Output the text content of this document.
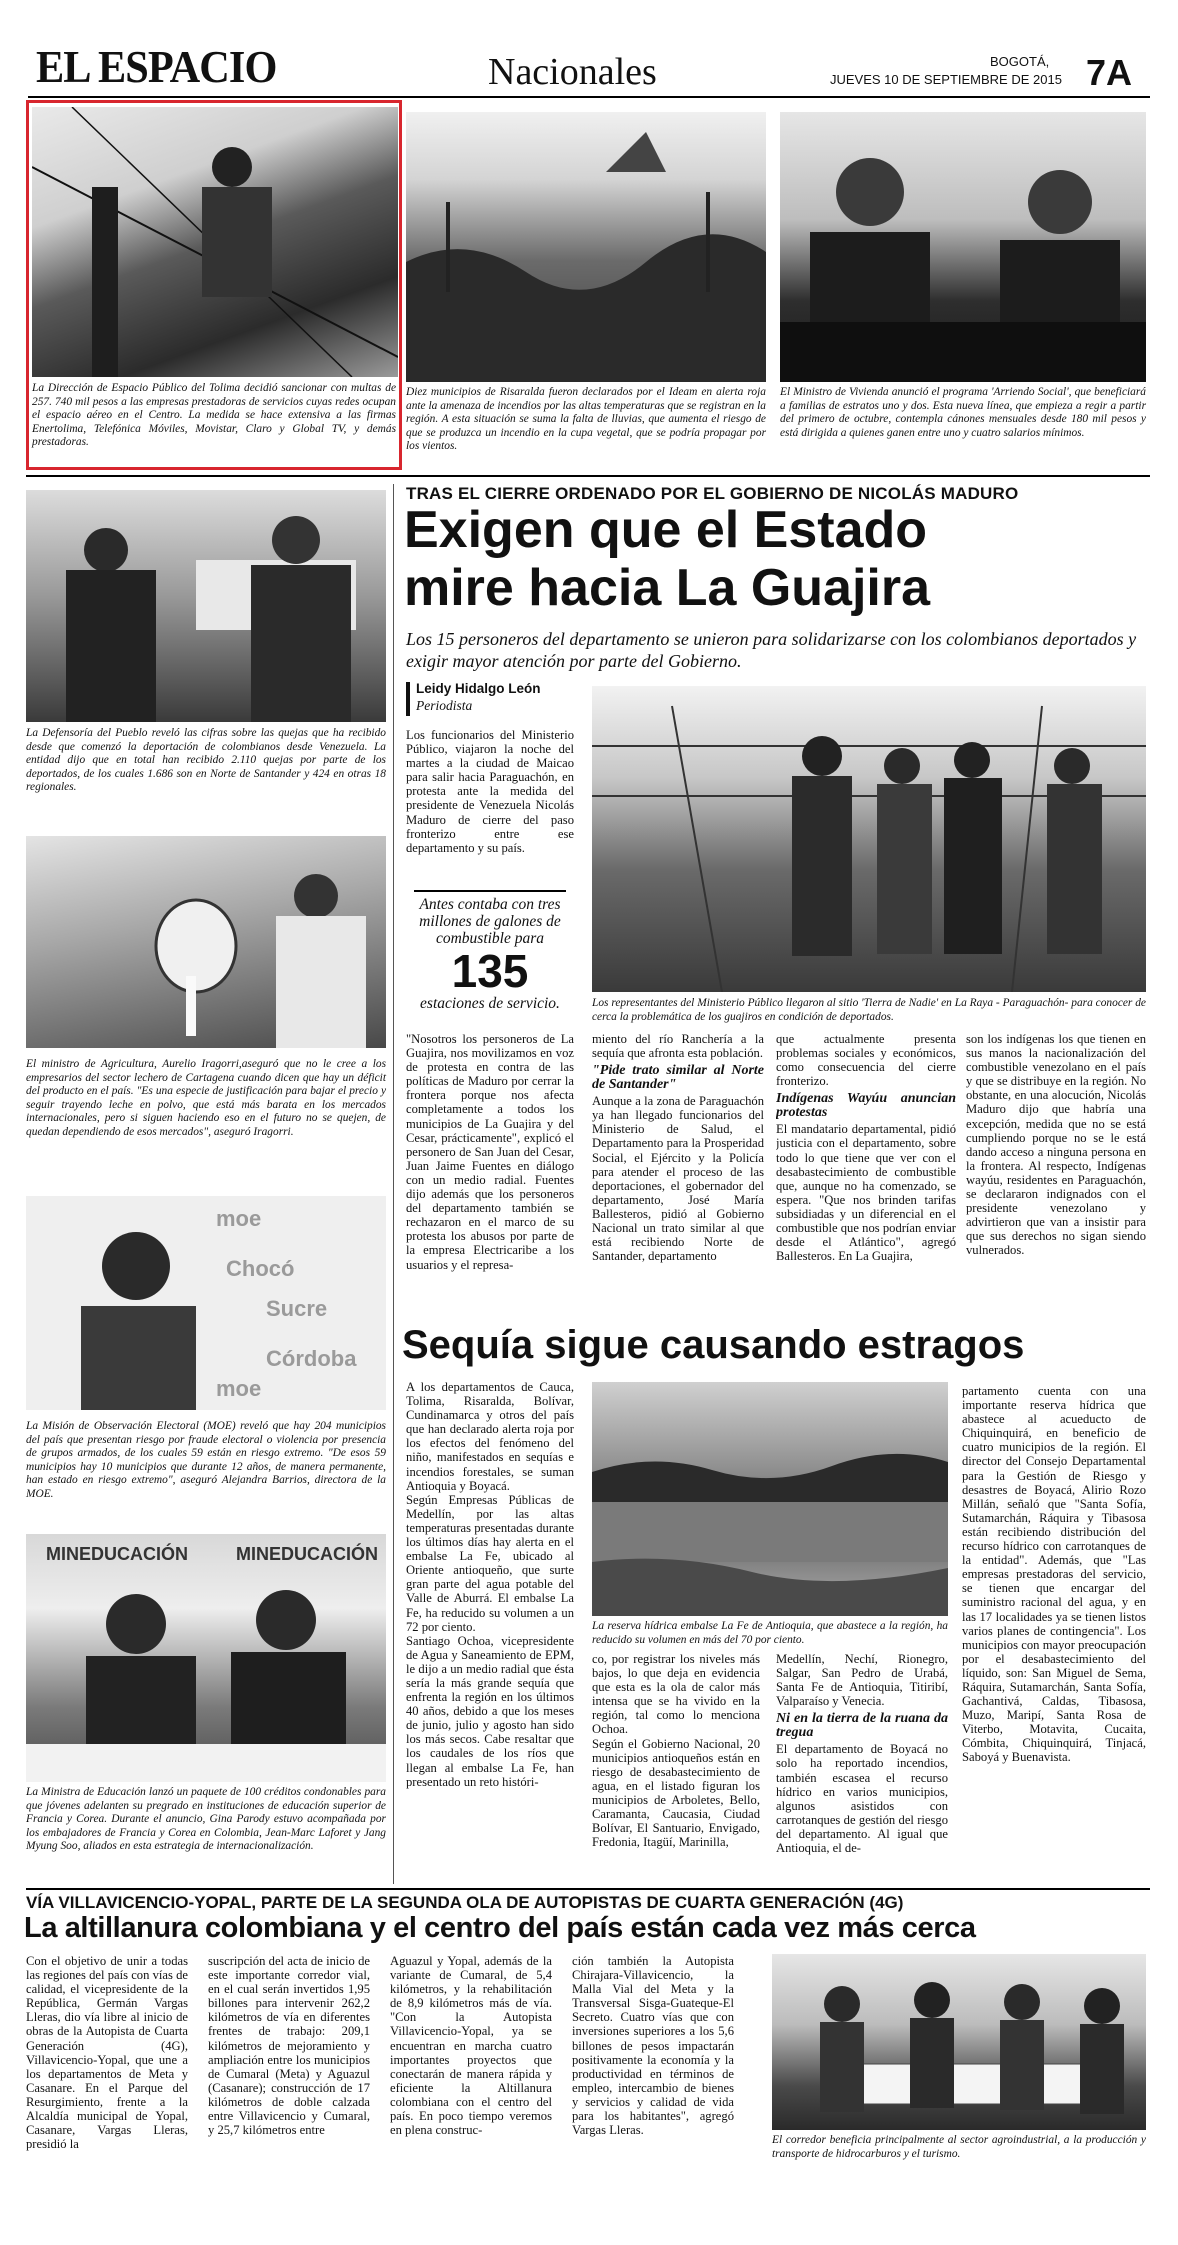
EL ESPACIO	Nacionales	BOGOTÁ,
JUEVES 10 DE SEPTIEMBRE DE 2015 7A
La Dirección de Espacio Público del Tolima decidió sancionar con multas de 257. 740 mil pesos a las empresas prestadoras de servicios cuyas redes ocupan el espacio aéreo en el Centro. La medida se hace extensiva a las firmas Enertolima, Telefónica Móviles, Movistar, Claro y Global TV, y demás prestadoras.
Diez municipios de Risaralda fueron declarados por el Ideam en alerta roja ante la amenaza de incendios por las altas temperaturas que se registran en la región. A esta situación se suma la falta de lluvias, que aumenta el riesgo de que se produzca un incendio en la cupa vegetal, que se podría propagar por los vientos.
El Ministro de Vivienda anunció el programa 'Arriendo Social', que beneficiará a familias de estratos uno y dos. Esta nueva línea, que empieza a regir a partir del primero de octubre, contempla cánones mensuales desde 180 mil pesos y está dirigida a quienes ganen entre uno y cuatro salarios mínimos.
La Defensoría del Pueblo reveló las cifras sobre las quejas que ha recibido desde que comenzó la deportación de colombianos desde Venezuela. La entidad dijo que en total han recibido 2.110 quejas por parte de los deportados, de los cuales 1.686 son en Norte de Santander y 424 en otras 18 regionales.
El ministro de Agricultura, Aurelio Iragorri,aseguró que no le cree a los empresarios del sector lechero de Cartagena cuando dicen que hay un déficit del producto en el país. "Es una especie de justificación para bajar el precio y seguir trayendo leche en polvo, que está más barata en los mercados internacionales, pero si siguen haciendo eso en el futuro no se quejen, de quedan dependiendo de esos mercados", aseguró Iragorri.
moe
Chocó
Sucre
Córdoba
moe
La Misión de Observación Electoral (MOE) reveló que hay 204 municipios del país que presentan riesgo por fraude electoral o violencia por presencia de grupos armados, de los cuales 59 están en riesgo extremo. "De esos 59 municipios hay 10 municipios que durante 12 años, de manera permanente, han estado en riesgo extremo", aseguró Alejandra Barrios, directora de la MOE.
MINEDUCACIÓN	MINEDUCACIÓN
La Ministra de Educación lanzó un paquete de 100 créditos condonables para que jóvenes adelanten su pregrado en instituciones de educación superior de Francia y Corea. Durante el anuncio, Gina Parody estuvo acompañada por los embajadores de Francia y Corea en Colombia, Jean-Marc Laforet y Jang Myung Soo, aliados en esta estrategia de internacionalización.
TRAS EL CIERRE ORDENADO POR EL GOBIERNO DE NICOLÁS MADURO
Exigen que el Estado
mire hacia La Guajira
Los 15 personeros del departamento se unieron para solidarizarse con los colombianos deportados y exigir mayor atención por parte del Gobierno.
Leidy Hidalgo León
Periodista

Los funcionarios del Ministerio Público, viajaron la noche del martes a la ciudad de Maicao para salir hacia Paraguachón, en protesta ante la medida del presidente de Venezuela Nicolás Maduro de cierre del paso fronterizo entre ese departamento y su país.

Antes contaba con tres millones de galones de combustible para
135
estaciones de servicio.	Los representantes del Ministerio Público llegaron al sitio 'Tierra de Nadie' en La Raya - Paraguachón- para conocer de cerca la problemática de los guajiros en condición de deportados.

"Nosotros los personeros de La Guajira, nos movilizamos en voz de protesta en contra de las políticas de Maduro por cerrar la frontera porque nos afecta completamente a todos los municipios de La Guajira y del Cesar, prácticamente", explicó el personero de San Juan del Cesar, Juan Jaime Fuentes en diálogo con un medio radial. Fuentes dijo además que los personeros del departamento también se rechazaron en el marco de su protesta los abusos por parte de la empresa Electricaribe a los usuarios y el represa-

miento del río Ranchería a la sequía que afronta esta población.

"Pide trato similar al Norte de Santander"

Aunque a la zona de Paraguachón ya han llegado funcionarios del Ministerio de Salud, el Departamento para la Prosperidad Social, el Ejército y la Policía para atender el proceso de las deportaciones, el gobernador del departamento, José María Ballesteros, pidió al Gobierno Nacional un trato similar al que está recibiendo Norte de Santander, departamento

que actualmente presenta problemas sociales y económicos, como consecuencia del cierre fronterizo.

Indígenas Wayúu anuncian protestas

El mandatario departamental, pidió justicia con el departamento, sobre todo lo que tiene que ver con el desabastecimiento de combustible que, aunque no ha comenzado, se espera. "Que nos brinden tarifas subsidiadas y un diferencial en el combustible que nos podrían enviar desde el Atlántico", agregó Ballesteros. En La Guajira,

son los indígenas los que tienen en sus manos la nacionalización del combustible venezolano en el país y que se distribuye en la región. No obstante, en una alocución, Nicolás Maduro dijo que habría una excepción, medida que no se está cumpliendo porque no se le está dando acceso a ninguna persona en la frontera. Al respecto, Indígenas wayúu, residentes en Paraguachón, se declararon indignados con el presidente venezolano y advirtieron que van a insistir para que sus derechos no sigan siendo vulnerados.

Sequía sigue causando estragos

A los departamentos de Cauca, Tolima, Risaralda, Bolívar, Cundinamarca y otros del país que han declarado alerta roja por los efectos del fenómeno del niño, manifestados en sequías e incendios forestales, se suman Antioquia y Boyacá.

Según Empresas Públicas de Medellín, por las altas temperaturas presentadas durante los últimos días hay alerta en el embalse La Fe, ubicado al Oriente antioqueño, que surte gran parte del agua potable del Valle de Aburrá. El embalse La Fe, ha reducido su volumen a un 72 por ciento.

Santiago Ochoa, vicepresidente de Agua y Saneamiento de EPM, le dijo a un medio radial que ésta sería la más grande sequía que enfrenta la región en los últimos 40 años, debido a que los meses de junio, julio y agosto han sido los más secos. Cabe resaltar que los caudales de los ríos que llegan al embalse La Fe, han presentado un reto históri-

La reserva hídrica embalse La Fe de Antioquia, que abastece a la región, ha reducido su volumen en más del 70 por ciento.

co, por registrar los niveles más bajos, lo que deja en evidencia que esta es la ola de calor más intensa que se ha vivido en la región, tal como lo menciona Ochoa.

Según el Gobierno Nacional, 20 municipios antioqueños están en riesgo de desabastecimiento de agua, en el listado figuran los municipios de Arboletes, Bello, Caramanta, Caucasia, Ciudad Bolívar, El Santuario, Envigado, Fredonia, Itagüí, Marinilla,

Medellín, Nechí, Rionegro, Salgar, San Pedro de Urabá, Santa Fe de Antioquia, Titiribí, Valparaíso y Venecia.

Ni en la tierra de la ruana da tregua

El departamento de Boyacá no solo ha reportado incendios, también escasea el recurso hídrico en varios municipios, algunos asistidos con carrotanques de gestión del riesgo del departamento. Al igual que Antioquia, el de-

partamento cuenta con una importante reserva hídrica que abastece al acueducto de Chiquinquirá, en beneficio de cuatro municipios de la región. El director del Consejo Departamental para la Gestión de Riesgo y desastres de Boyacá, Alirio Rozo Millán, señaló que "Santa Sofía, Sutamarchán, Ráquira y Tibasosa están recibiendo distribución del recurso hídrico con carrotanques de la entidad". Además, que "Las empresas prestadoras del servicio, se tienen que encargar del suministro racional del agua, y en las 17 localidades ya se tienen listos varios planes de contingencia". Los municipios con mayor preocupación por el desabastecimiento del líquido, son: San Miguel de Sema, Ráquira, Sutamarchán, Santa Sofía, Gachantivá, Caldas, Tibasosa, Muzo, Maripí, Santa Rosa de Viterbo, Motavita, Cucaita, Cómbita, Chiquinquirá, Tinjacá, Saboyá y Buenavista.

VÍA VILLAVICENCIO-YOPAL, PARTE DE LA SEGUNDA OLA DE AUTOPISTAS DE CUARTA GENERACIÓN (4G)
La altillanura colombiana y el centro del país están cada vez más cerca

Con el objetivo de unir a todas las regiones del país con vías de calidad, el vicepresidente de la República, Germán Vargas Lleras, dio vía libre al inicio de obras de la Autopista de Cuarta Generación (4G), Villavicencio-Yopal, que une a los departamentos de Meta y Casanare. En el Parque del Resurgimiento, frente a la Alcaldía municipal de Yopal, Casanare, Vargas Lleras, presidió la

suscripción del acta de inicio de este importante corredor vial, en el cual serán invertidos 1,95 billones para intervenir 262,2 kilómetros de vía en diferentes frentes de trabajo: 209,1 kilómetros de mejoramiento y ampliación entre los municipios de Cumaral (Meta) y Aguazul (Casanare); construcción de 17 kilómetros de doble calzada entre Villavicencio y Cumaral, y 25,7 kilómetros entre

Aguazul y Yopal, además de la variante de Cumaral, de 5,4 kilómetros, y la rehabilitación de 8,9 kilómetros más de vía. "Con la Autopista Villavicencio-Yopal, ya se encuentran en marcha cuatro importantes proyectos que conectarán de manera rápida y eficiente la Altillanura colombiana con el centro del país. En poco tiempo veremos en plena construc-

ción también la Autopista Chirajara-Villavicencio, la Malla Vial del Meta y la Transversal Sisga-Guateque-El Secreto. Cuatro vías que con inversiones superiores a los 5,6 billones de pesos impactarán positivamente la economía y la productividad en términos de empleo, intercambio de bienes y servicios y calidad de vida para los habitantes", agregó Vargas Lleras.

El corredor beneficia principalmente al sector agroindustrial, a la producción y transporte de hidrocarburos y el turismo.
